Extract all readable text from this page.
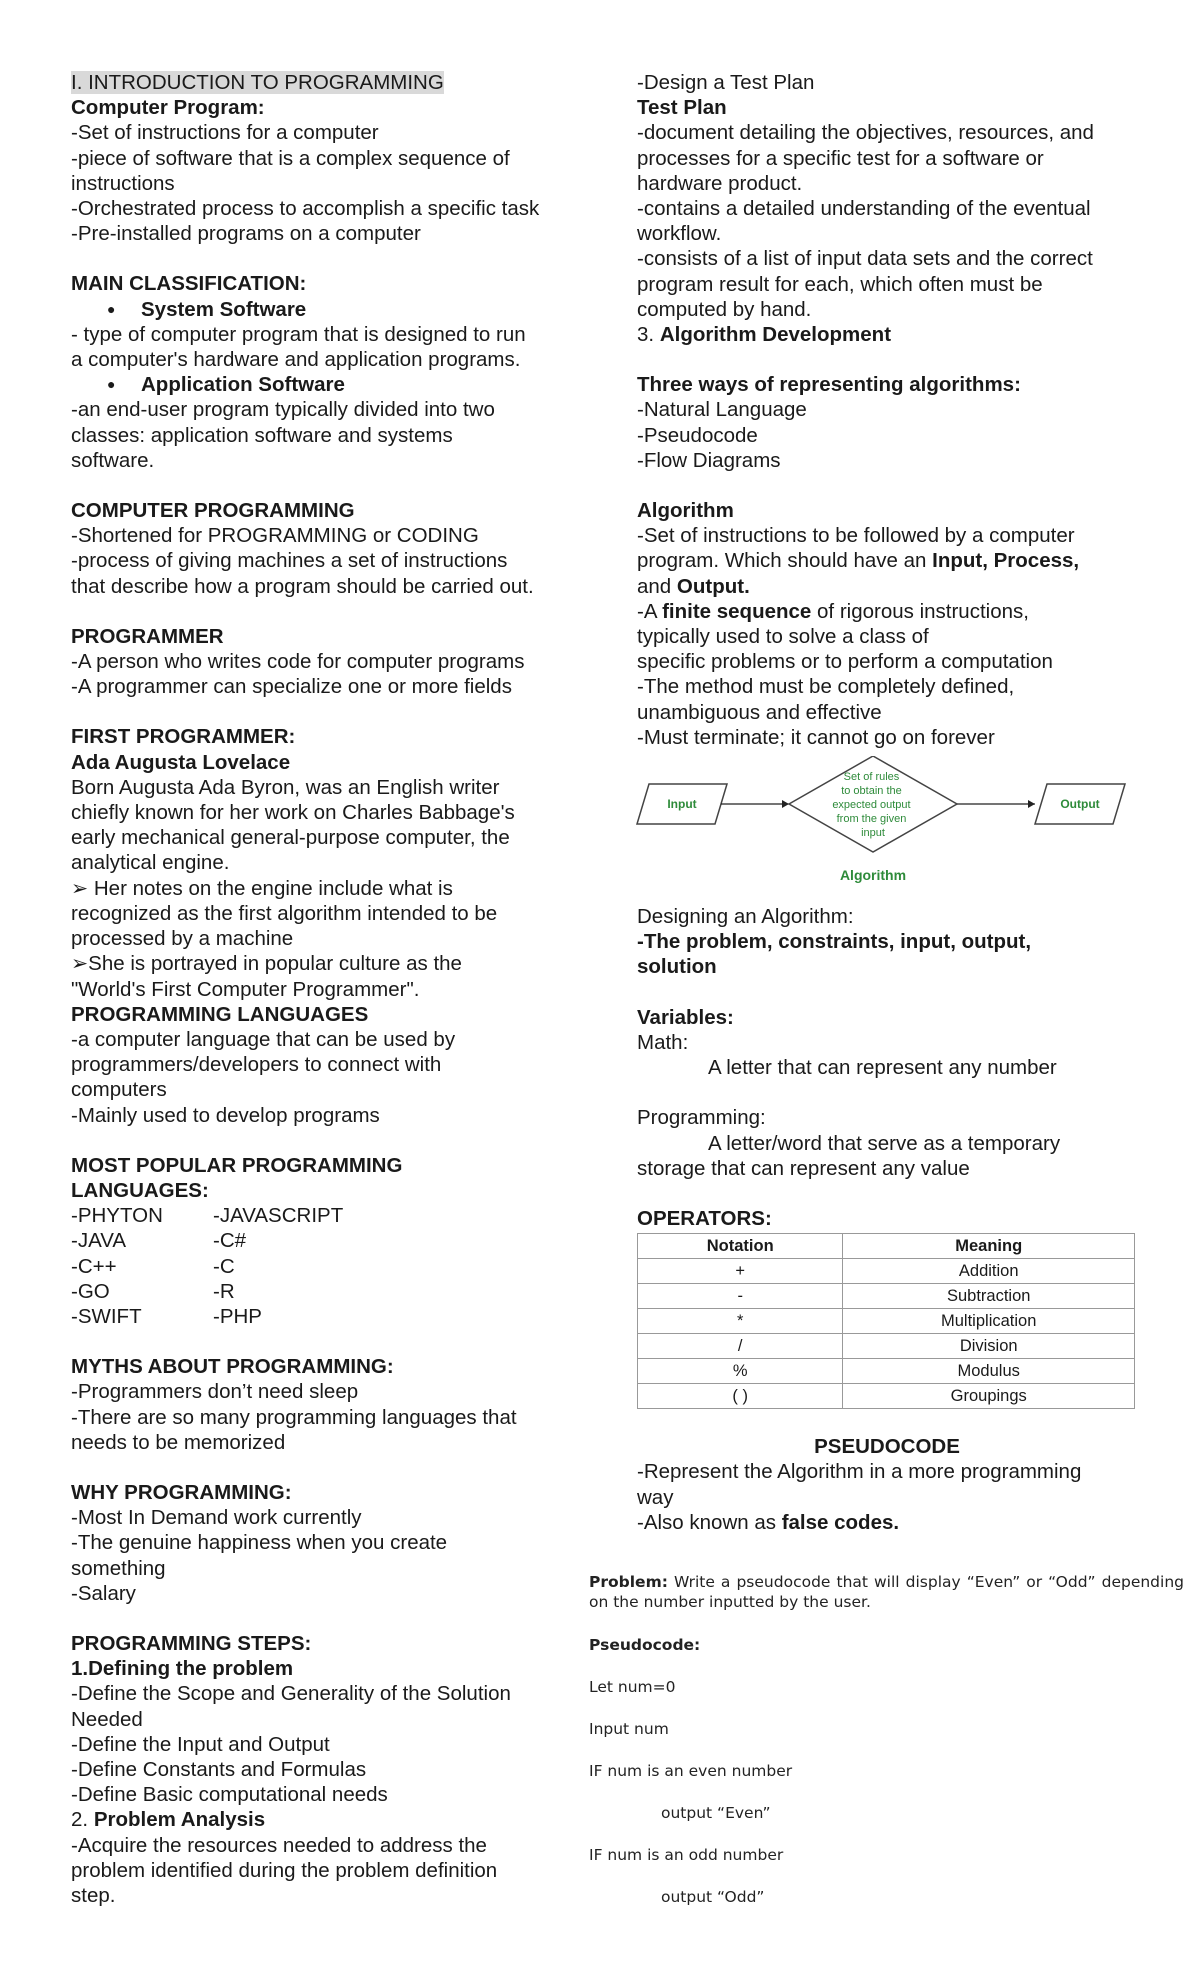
I. INTRODUCTION TO PROGRAMMING
Computer Program:
-Set of instructions for a computer
-piece of software that is a complex sequence of
instructions
-Orchestrated process to accomplish a specific task
-Pre-installed programs on a computer
MAIN CLASSIFICATION:
● System Software
- type of computer program that is designed to run
a computer's hardware and application programs.
● Application Software
-an end-user program typically divided into two
classes: application software and systems
software.
COMPUTER PROGRAMMING
-Shortened for PROGRAMMING or CODING
-process of giving machines a set of instructions
that describe how a program should be carried out.
PROGRAMMER
-A person who writes code for computer programs
-A programmer can specialize one or more fields
FIRST PROGRAMMER:
Ada Augusta Lovelace
Born Augusta Ada Byron, was an English writer
chiefly known for her work on Charles Babbage's
early mechanical general-purpose computer, the
analytical engine.
➢ Her notes on the engine include what is
recognized as the first algorithm intended to be
processed by a machine
➢She is portrayed in popular culture as the
"World's First Computer Programmer".
PROGRAMMING LANGUAGES
-a computer language that can be used by
programmers/developers to connect with
computers
-Mainly used to develop programs
MOST POPULAR PROGRAMMING
LANGUAGES:
-PHYTON	-JAVASCRIPT
-JAVA	-C#
-C++	-C
-GO	-R
-SWIFT	-PHP
MYTHS ABOUT PROGRAMMING:
-Programmers don’t need sleep
-There are so many programming languages that
needs to be memorized
WHY PROGRAMMING:
-Most In Demand work currently
-The genuine happiness when you create
something
-Salary
PROGRAMMING STEPS:
1.Defining the problem
-Define the Scope and Generality of the Solution
Needed
-Define the Input and Output
-Define Constants and Formulas
-Define Basic computational needs
2. Problem Analysis
-Acquire the resources needed to address the
problem identified during the problem definition
step.
-Design a Test Plan
Test Plan
-document detailing the objectives, resources, and
processes for a specific test for a software or
hardware product.
-contains a detailed understanding of the eventual
workflow.
-consists of a list of input data sets and the correct
program result for each, which often must be
computed by hand.
3. Algorithm Development
Three ways of representing algorithms:
-Natural Language
-Pseudocode
-Flow Diagrams
Algorithm
-Set of instructions to be followed by a computer
program. Which should have an Input, Process,
and Output.
-A finite sequence of rigorous instructions,
typically used to solve a class of
specific problems or to perform a computation
-The method must be completely defined,
unambiguous and effective
-Must terminate; it cannot go on forever
Input
Set of rules to obtain the expected output from the given input
Output
Algorithm
Designing an Algorithm:
-The problem, constraints, input, output,
solution
Variables:
Math:
A letter that can represent any number
Programming:
A letter/word that serve as a temporary
storage that can represent any value
OPERATORS:
Notation	Meaning
+	Addition
-	Subtraction
*	Multiplication
/	Division
%	Modulus
( )	Groupings
PSEUDOCODE
-Represent the Algorithm in a more programming
way
-Also known as false codes.
Problem: Write a pseudocode that will display “Even” or “Odd” depending on the number inputted by the user.
Pseudocode:
Let num=0
Input num
IF num is an even number
output “Even”
IF num is an odd number
output “Odd”
